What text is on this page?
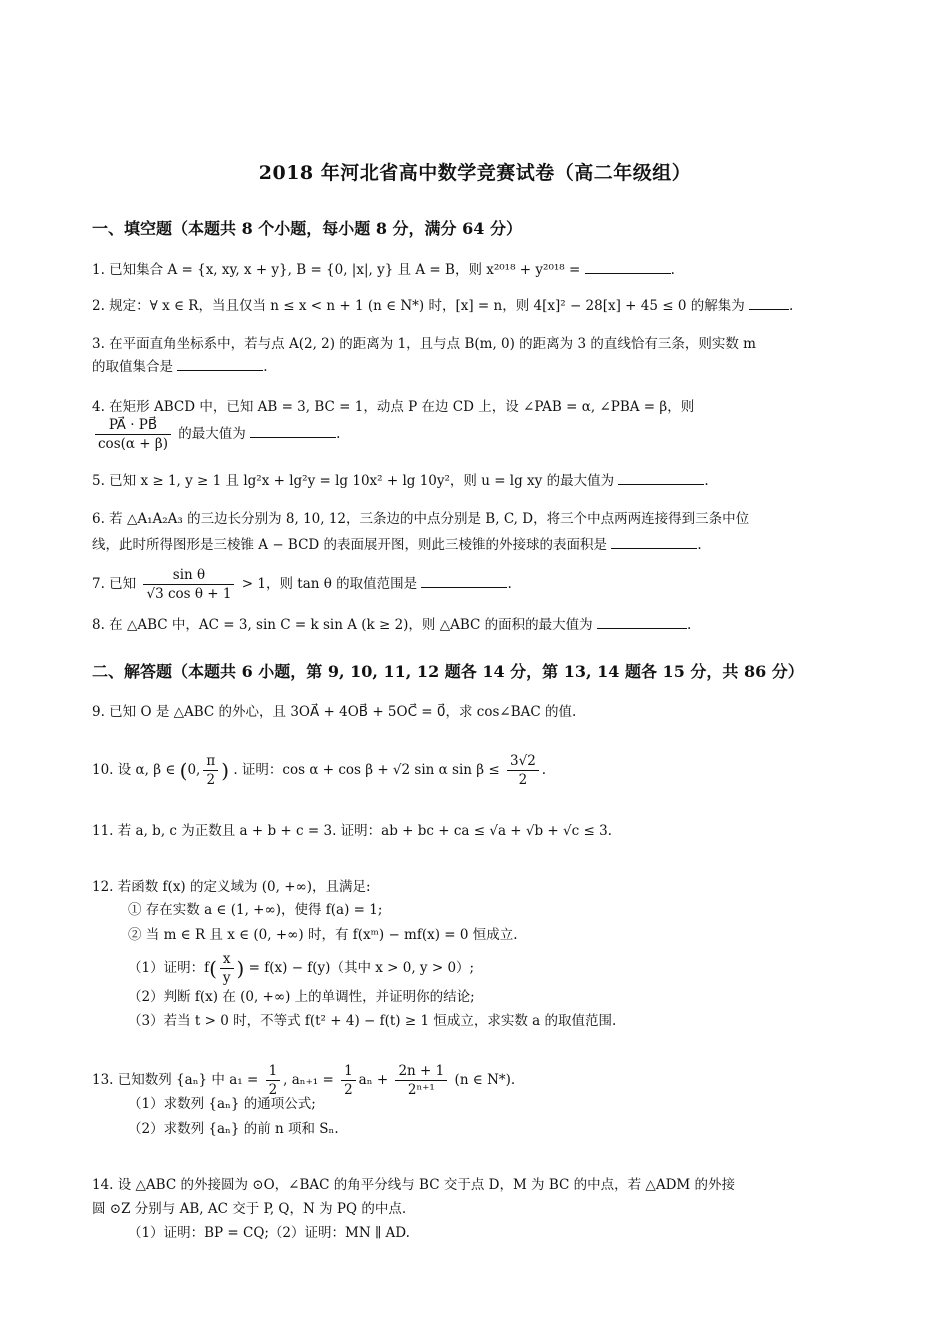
2018 年河北省高中数学竞赛试卷（高二年级组）
一、填空题（本题共 8 个小题，每小题 8 分，满分 64 分）
1. 已知集合 A = {x, xy, x + y}, B = {0, |x|, y} 且 A = B，则 x²⁰¹⁸ + y²⁰¹⁸ =	.
2. 规定：∀ x ∈ R，当且仅当 n ≤ x < n + 1 (n ∈ N*) 时，[x] = n，则 4[x]² − 28[x] + 45 ≤ 0 的解集为	.
3. 在平面直角坐标系中，若与点 A(2, 2) 的距离为 1，且与点 B(m, 0) 的距离为 3 的直线恰有三条，则实数 m
的取值集合是	.
4. 在矩形 ABCD 中，已知 AB = 3, BC = 1，动点 P 在边 CD 上，设 ∠PAB = α, ∠PBA = β，则
$\frac{PA⃗ \cdot PB⃗}{\cos(\alpha + \beta)}$ 的最大值为	.
5. 已知 x ≥ 1, y ≥ 1 且 lg²x + lg²y = lg 10x² + lg 10y²，则 u = lg xy 的最大值为	.
6. 若 △A₁A₂A₃ 的三边长分别为 8, 10, 12，三条边的中点分别是 B, C, D，将三个中点两两连接得到三条中位
线，此时所得图形是三棱锥 A − BCD 的表面展开图，则此三棱锥的外接球的表面积是	.
7. 已知 $\frac{\text{sin θ}}{\text{√3 cos θ + 1}} > 1$，则 tan θ 的取值范围是	.
8. 在 △ABC 中，AC = 3, sin C = k sin A (k ≥ 2)，则 △ABC 的面积的最大值为	.
二、解答题（本题共 6 小题，第 9, 10, 11, 12 题各 14 分，第 13, 14 题各 15 分，共 86 分）
9. 已知 O 是 △ABC 的外心，且 3OA⃗ + 4OB⃗ + 5OC⃗ = 0⃗，求 cos∠BAC 的值.
10. 设 α, β ∈ (0, $\frac{\pi}{2}$ ) . 证明：cos α + cos β + √2 sin α $\sin \beta \le \frac{3√2}{2}$ .
11. 若 a, b, c 为正数且 a + b + c = 3. 证明：ab + bc + ca ≤ √a + √b + √c ≤ 3.
12. 若函数 f(x) 的定义域为 (0, +∞)，且满足:
① 存在实数 a ∈ (1, +∞)，使得 f(a) = 1;
② 当 m ∈ R 且 x ∈ (0, +∞) 时，有 f(xᵐ) − mf(x) = 0 恒成立.
（1）证明：$f( \frac{x}{y}$ ) = f(x) − f(y)（其中 x > 0, y > 0）;
（2）判断 f(x) 在 (0, +∞) 上的单调性，并证明你的结论;
（3）若当 t > 0 时，不等式 f(t² + 4) − f(t) ≥ 1 恒成立，求实数 a 的取值范围.
13. 已知数列 {aₙ} 中 $a_1 = \frac{1}{2}$ , $a_{n+1} = \frac{1}{2}$ $a_n + \frac{2n + 1}{\text{2ⁿ⁺¹}} (n$ ∈ N*).
（1）求数列 {aₙ} 的通项公式;
（2）求数列 {aₙ} 的前 n 项和 Sₙ.
14. 设 △ABC 的外接圆为 ⊙O，∠BAC 的角平分线与 BC 交于点 D，M 为 BC 的中点，若 △ADM 的外接
圆 ⊙Z 分别与 AB, AC 交于 P, Q，N 为 PQ 的中点.
（1）证明：BP = CQ;（2）证明：MN ∥ AD.
